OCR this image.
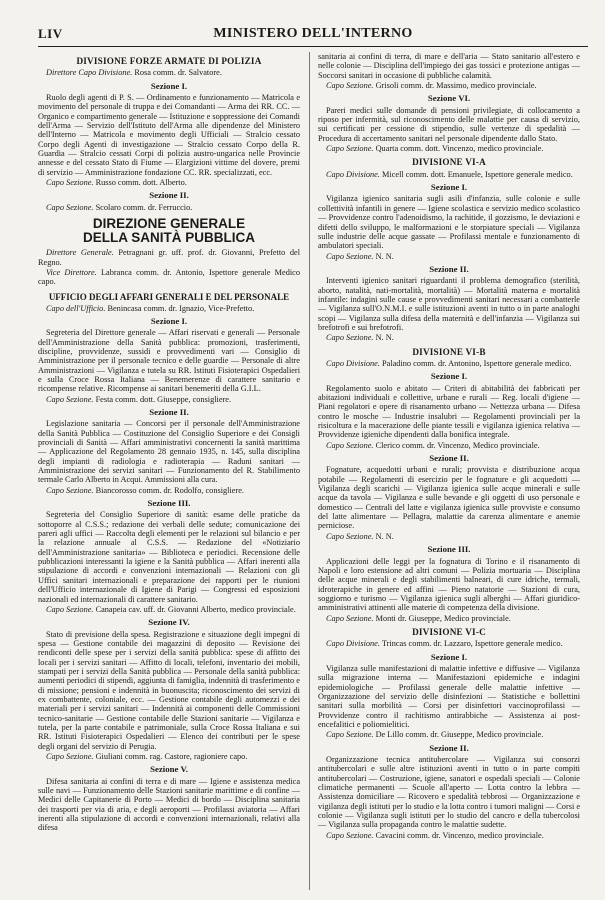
LIV	MINISTERO DELL'INTERNO
DIVISIONE FORZE ARMATE DI POLIZIA

Direttore Capo Divisione. Rosa comm. dr. Salvatore.

Sezione I.

Ruolo degli agenti di P. S. — Ordinamento e funzionamento — Matricola e movimento del personale di truppa e dei Comandanti — Arma dei RR. CC. — Organico e compartimento generale — Istituzione e soppressione dei Comandi dell'Arma — Servizio dell'Istituto dell'Arma alle dipendenze del Ministero dell'Interno — Matricola e movimento degli Ufficiali — Stralcio cessato Corpo degli Agenti di investigazione — Stralcio cessato Corpo della R. Guardia — Stralcio cessati Corpi di polizia austro-ungarica nelle Provincie annesse e del cessato Stato di Fiume — Elargizioni vittime del dovere, premi di servizio — Amministrazione fondazione CC. RR. specializzati, ecc.

Capo Sezione. Russo comm. dott. Alberto.

Sezione II.

Capo Sezione. Scolaro comm. dr. Ferruccio.

DIREZIONE GENERALE
DELLA SANITÀ PUBBLICA

Direttore Generale. Petragnani gr. uff. prof. dr. Giovanni, Prefetto del Regno.

Vice Direttore. Labranca comm. dr. Antonio, Ispettore generale Medico capo.

UFFICIO DEGLI AFFARI GENERALI E DEL PERSONALE

Capo dell'Ufficio. Benincasa comm. dr. Ignazio, Vice-Prefetto.

Sezione I.

Segreteria del Direttore generale — Affari riservati e generali — Personale dell'Amministrazione della Sanità pubblica: promozioni, trasferimenti, discipline, provvidenze, sussidi e provvedimenti vari — Consiglio di Amministrazione per il personale tecnico e delle guardie — Personale di altre Amministrazioni — Vigilanza e tutela su RR. Istituti Fisioterapici Ospedalieri e sulla Croce Rossa Italiana — Benemerenze di carattere sanitario e ricompense relative. Ricompense ai sanitari benemeriti della G.I.L.

Capo Sezione. Festa comm. dott. Giuseppe, consigliere.

Sezione II.

Legislazione sanitaria — Concorsi per il personale dell'Amministrazione della Sanità Pubblica — Costituzione del Consiglio Superiore e dei Consigli provinciali di Sanità — Affari amministrativi concernenti la sanità marittima — Applicazione del Regolamento 28 gennaio 1935, n. 145, sulla disciplina degli impianti di radiologia e radioterapia — Raduni sanitari — Amministrazione dei servizi sanitari — Funzionamento del R. Stabilimento termale Carlo Alberto in Acqui. Ammissioni alla cura.

Capo Sezione. Biancorosso comm. dr. Rodolfo, consigliere.

Sezione III.

Segreteria del Consiglio Superiore di sanità: esame delle pratiche da sottoporre al C.S.S.; redazione dei verbali delle sedute; comunicazione dei pareri agli uffici — Raccolta degli elementi per le relazioni sul bilancio e per la relazione annuale al C.S.S. — Redazione del «Notiziario dell'Amministrazione sanitaria» — Biblioteca e periodici. Recensione delle pubblicazioni interessanti la igiene e la Sanità pubblica — Affari inerenti alla stipulazione di accordi e convenzioni internazionali — Relazioni con gli Uffici sanitari internazionali e preparazione dei rapporti per le riunioni dell'Ufficio internazionale di Igiene di Parigi — Congressi ed esposizioni nazionali ed internazionali di carattere sanitario.

Capo Sezione. Canapeia cav. uff. dr. Giovanni Alberto, medico provinciale.

Sezione IV.

Stato di previsione della spesa. Registrazione e situazione degli impegni di spesa — Gestione contabile dei magazzini di deposito — Revisione dei rendiconti delle spese per i servizi della sanità pubblica: spese di affitto dei locali per i servizi sanitari — Affitto di locali, telefoni, inventario dei mobili, stampati per i servizi della Sanità pubblica — Personale della sanità pubblica: aumenti periodici di stipendi, aggiunta di famiglia, indennità di trasferimento e di missione; pensioni e indennità in buonuscita; riconoscimento dei servizi di ex combattente, coloniale, ecc. — Gestione contabile degli automezzi e dei materiali per i servizi sanitari — Indennità ai componenti delle Commissioni tecnico-sanitarie — Gestione contabile delle Stazioni sanitarie — Vigilanza e tutela, per la parte contabile e patrimoniale, sulla Croce Rossa Italiana e sui RR. Istituti Fisioterapici Ospedalieri — Elenco dei contributi per le spese degli organi del servizio di Perugia.

Capo Sezione. Giuliani comm. rag. Castore, ragioniere capo.

Sezione V.

Difesa sanitaria ai confini di terra e di mare — Igiene e assistenza medica sulle navi — Funzionamento delle Stazioni sanitarie marittime e di confine — Medici delle Capitanerie di Porto — Medici di bordo — Disciplina sanitaria dei trasporti per via di aria, e degli aeroporti — Profilassi aviatoria — Affari inerenti alla stipulazione di accordi e convenzioni internazionali, relativi alla difesa

sanitaria ai confini di terra, di mare e dell'aria — Stato sanitario all'estero e nelle colonie — Disciplina dell'impiego dei gas tossici e protezione antigas — Soccorsi sanitari in occasione di pubbliche calamità.

Capo Sezione. Grisoli comm. dr. Massimo, medico provinciale.

Sezione VI.

Pareri medici sulle domande di pensioni privilegiate, di collocamento a riposo per infermità, sul riconoscimento delle malattie per causa di servizio, sui certificati per cessione di stipendio, sulle vertenze di spedalità — Procedura di accertamento sanitari nel personale dipendente dallo Stato.

Capo Sezione. Quarta comm. dott. Vincenzo, medico provinciale.

DIVISIONE VI-A

Capo Divisione. Micell comm. dott. Emanuele, Ispettore generale medico.

Sezione I.

Vigilanza igienico sanitaria sugli asili d'infanzia, sulle colonie e sulle collettività infantili in genere — Igiene scolastica e servizio medico scolastico — Provvidenze contro l'adenoidismo, la rachitide, il gozzismo, le deviazioni e difetti dello sviluppo, le malformazioni e le storpiature speciali — Vigilanza sulle industrie delle acque gassate — Profilassi mentale e funzionamento di ambulatori speciali.

Capo Sezione. N. N.

Sezione II.

Interventi igienico sanitari riguardanti il problema demografico (sterilità, aborto, natalità, nati-mortalità, mortalità) — Mortalità materna e mortalità infantile: indagini sulle cause e provvedimenti sanitari necessari a combatterle — Vigilanza sull'O.N.M.I. e sulle istituzioni aventi in tutto o in parte analoghi scopi — Vigilanza sulla difesa della maternità e dell'infanzia — Vigilanza sui brefotrofi e sui brefotrofi.

Capo Sezione. N. N.

DIVISIONE VI-B

Capo Divisione. Paladino comm. dr. Antonino, Ispettore generale medico.

Sezione I.

Regolamento suolo e abitato — Criteri di abitabilità dei fabbricati per abitazioni individuali e collettive, urbane e rurali — Reg. locali d'igiene — Piani regolatori e opere di risanamento urbano — Nettezza urbana — Difesa contro le mosche — Industrie insalubri — Regolamenti provinciali per la risicoltura e la macerazione delle piante tessili e vigilanza igienica relativa — Provvidenze igieniche dipendenti dalla bonifica integrale.

Capo Sezione. Clerico comm. dr. Vincenzo, Medico provinciale.

Sezione II.

Fognature, acquedotti urbani e rurali; provvista e distribuzione acqua potabile — Regolamenti di esercizio per le fognature e gli acquedotti — Vigilanza degli scarichi — Vigilanza igienica sulle acque minerali e sulle acque da tavola — Vigilanza e sulle bevande e gli oggetti di uso personale e domestico — Centrali del latte e vigilanza igienica sulle provviste e consumo del latte alimentare — Pellagra, malattie da carenza alimentare e anemie perniciose.

Capo Sezione. N. N.

Sezione III.

Applicazioni delle leggi per la fognatura di Torino e il risanamento di Napoli e loro estensione ad altri comuni — Polizia mortuaria — Disciplina delle acque minerali e degli stabilimenti balneari, di cure idriche, termali, idroterapiche in genere ed affini — Pieno natatorie — Stazioni di cura, soggiorno e turismo — Vigilanza igienica sugli alberghi — Affari giuridico-amministrativi attinenti alle materie di competenza della divisione.

Capo Sezione. Monti dr. Giuseppe, Medico provinciale.

DIVISIONE VI-C

Capo Divisione. Trincas comm. dr. Lazzaro, Ispettore generale medico.

Sezione I.

Vigilanza sulle manifestazioni di malattie infettive e diffusive — Vigilanza sulla migrazione interna — Manifestazioni epidemiche e indagini epidemiologiche — Profilassi generale delle malattie infettive — Organizzazione del servizio delle disinfezioni — Statistiche e bollettini sanitari sulla morbilità — Corsi per disinfettori vaccinoprofilassi — Provvidenze contro il rachitismo antirabbiche — Assistenza ai post-encefalitici e poliomielitici.

Capo Sezione. De Lillo comm. dr. Giuseppe, Medico provinciale.

Sezione II.

Organizzazione tecnica antitubercolare — Vigilanza sui consorzi antitubercolari e sulle altre istituzioni aventi in tutto o in parte compiti antitubercolari — Costruzione, igiene, sanatori e ospedali speciali — Colonie climatiche permanenti — Scuole all'aperto — Lotta contro la lebbra — Assistenza domiciliare — Ricovero e spedalità tebbrosi — Organizzazione e vigilanza degli istituti per lo studio e la lotta contro i tumori maligni — Corsi e colonie — Vigilanza sugli istituti per lo studio del cancro e della tubercolosi — Vigilanza sulla propaganda contro le malattie sudette.

Capo Sezione. Cavacini comm. dr. Vincenzo, medico provinciale.
